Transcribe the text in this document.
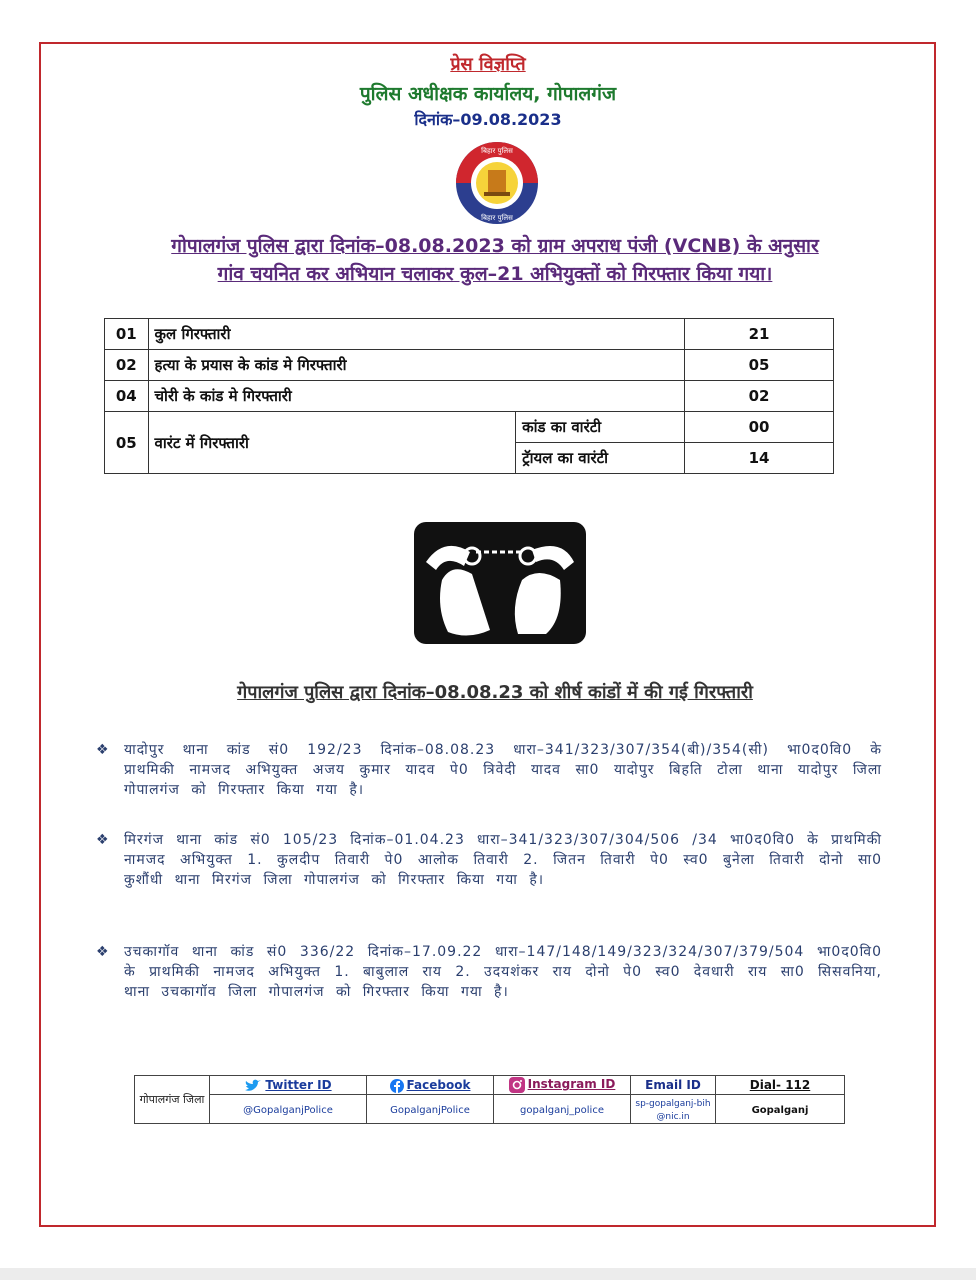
प्रेस विज्ञप्ति
पुलिस अधीक्षक कार्यालय, गोपालगंज
दिनांक–09.08.2023
बिहार पुलिस
बिहार पुलिस
गोपालगंज पुलिस द्वारा दिनांक–08.08.2023 को ग्राम अपराध पंजी (VCNB) के अनुसार
गांव चयनित कर अभियान चलाकर कुल–21 अभियुक्तों को गिरफ्तार किया गया।
01	कुल गिरफ्तारी		21
02	हत्या के प्रयास के कांड मे गिरफ्तारी		05
04	चोरी के कांड मे गिरफ्तारी		02
05	वारंट में गिरफ्तारी	कांड का वारंटी	00
		ट्रॅायल का वारंटी	14
गेपालगंज पुलिस द्वारा दिनांक–08.08.23 को शीर्ष कांडों में की गई गिरफ्तारी
❖ यादोपुर थाना कांड सं0 192/23 दिनांक–08.08.23 धारा–341/323/307/354(बी)/354(सी) भा0द0वि0 के प्राथमिकी नामजद अभियुक्त अजय कुमार यादव पे0 त्रिवेदी यादव सा0 यादोपुर बिहति टोला थाना यादोपुर जिला गोपालगंज को गिरफ्तार किया गया है।
❖ मिरगंज थाना कांड सं0 105/23 दिनांक–01.04.23 धारा–341/323/307/304/506 /34 भा0द0वि0 के प्राथमिकी नामजद अभियुक्त 1. कुलदीप तिवारी पे0 आलोक तिवारी 2. जितन तिवारी पे0 स्व0 बुनेला तिवारी दोनो सा0 कुशौंधी थाना मिरगंज जिला गोपालगंज को गिरफ्तार किया गया है।
❖ उचकागॉव थाना कांड सं0 336/22 दिनांक–17.09.22 धारा–147/148/149/323/324/307/379/504 भा0द0वि0 के प्राथमिकी नामजद अभियुक्त 1. बाबुलाल राय 2. उदयशंकर राय दोनो पे0 स्व0 देवधारी राय सा0 सिसवनिया, थाना उचकागॉव जिला गोपालगंज को गिरफ्तार किया गया है।
गोपालगंज जिला	Twitter ID	Facebook	Instagram ID	Email ID	Dial- 112
	@GopalganjPolice	GopalganjPolice	gopalganj_police	sp-gopalganj-bih@nic.in	Gopalganj
